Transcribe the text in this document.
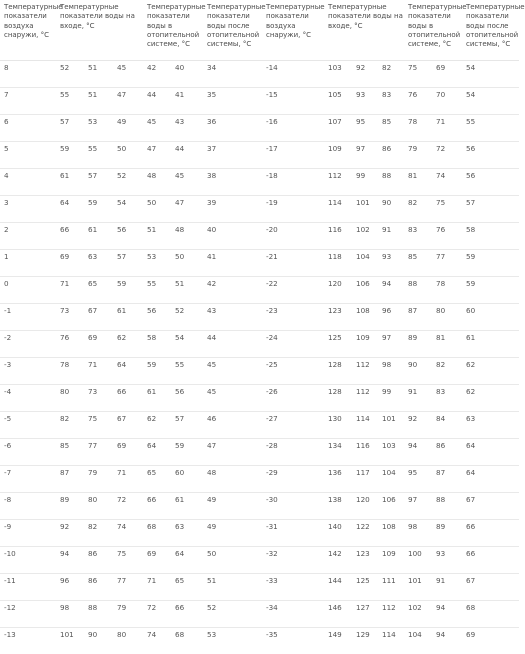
Температурные показатели воздуха снаружи, °С	Температурные показатели воды на входе, °С			Температурные показатели воды в отопительной системе, °С		Температурные показатели воды после отопительной системы, °С
8	52	51	45	42	40	34
7	55	51	47	44	41	35
6	57	53	49	45	43	36
5	59	55	50	47	44	37
4	61	57	52	48	45	38
3	64	59	54	50	47	39
2	66	61	56	51	48	40
1	69	63	57	53	50	41
0	71	65	59	55	51	42
-1	73	67	61	56	52	43
-2	76	69	62	58	54	44
-3	78	71	64	59	55	45
-4	80	73	66	61	56	45
-5	82	75	67	62	57	46
-6	85	77	69	64	59	47
-7	87	79	71	65	60	48
-8	89	80	72	66	61	49
-9	92	82	74	68	63	49
-10	94	86	75	69	64	50
-11	96	86	77	71	65	51
-12	98	88	79	72	66	52
-13	101	90	80	74	68	53
Температурные показатели воздуха снаружи, °С	Температурные показатели воды на входе, °С			Температурные показатели воды в отопительной системе, °С		Температурные показатели воды после отопительной системы, °С
-14	103	92	82	75	69	54
-15	105	93	83	76	70	54
-16	107	95	85	78	71	55
-17	109	97	86	79	72	56
-18	112	99	88	81	74	56
-19	114	101	90	82	75	57
-20	116	102	91	83	76	58
-21	118	104	93	85	77	59
-22	120	106	94	88	78	59
-23	123	108	96	87	80	60
-24	125	109	97	89	81	61
-25	128	112	98	90	82	62
-26	128	112	99	91	83	62
-27	130	114	101	92	84	63
-28	134	116	103	94	86	64
-29	136	117	104	95	87	64
-30	138	120	106	97	88	67
-31	140	122	108	98	89	66
-32	142	123	109	100	93	66
-33	144	125	111	101	91	67
-34	146	127	112	102	94	68
-35	149	129	114	104	94	69
